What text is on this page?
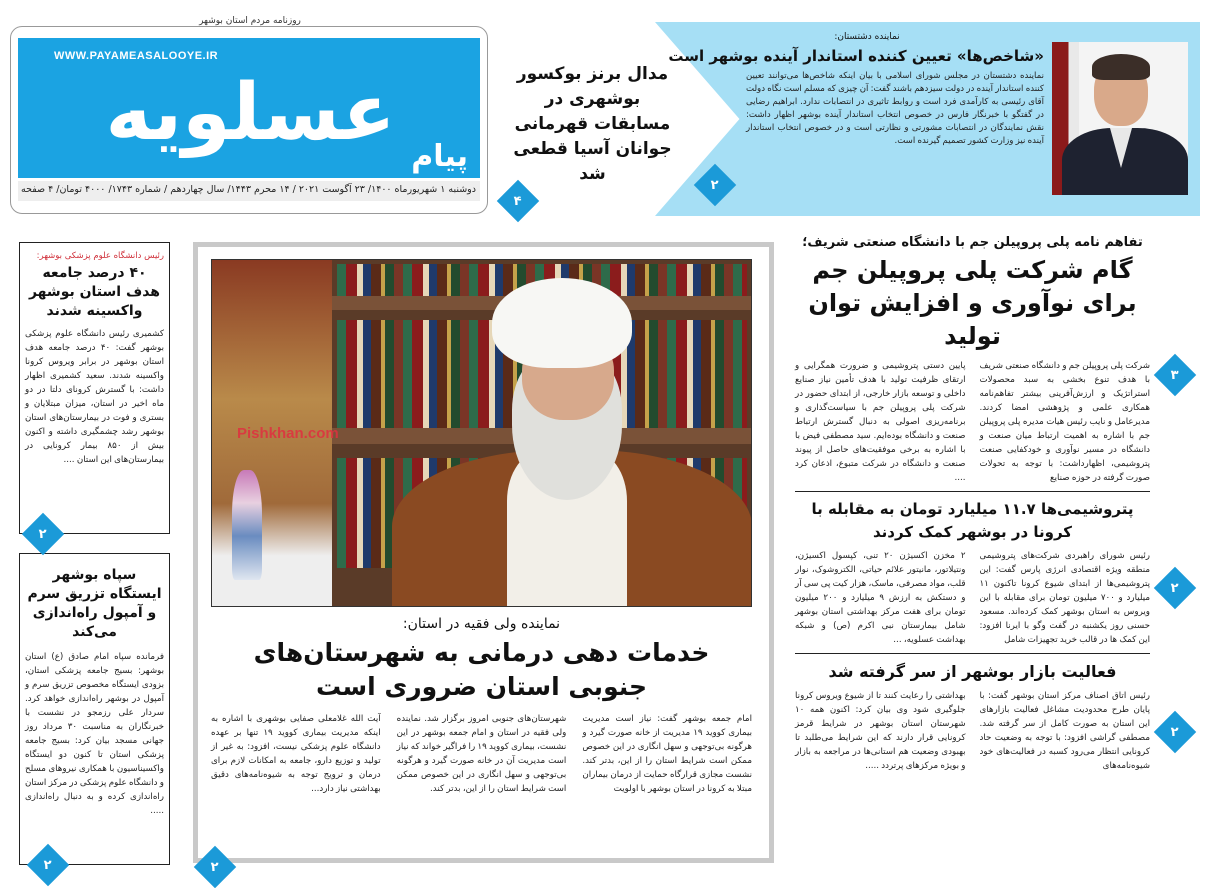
روزنامه مردم استان بوشهر
WWW.PAYAMEASALOOYE.IR
عسلویه پیام
دوشنبه ۱ شهریورماه ۱۴۰۰/ ۲۳ آگوست ۲۰۲۱ / ۱۴ محرم ۱۴۴۳/ سال چهاردهم / شماره ۱۷۴۳/ ۴۰۰۰ تومان/ ۴ صفحه
مدال برنز بوکسور بوشهری در مسابقات قهرمانی جوانان آسیا قطعی شد
۴
نماینده دشتستان:
«شاخص‌ها» تعیین کننده استاندار آینده بوشهر است
نماینده دشتستان در مجلس شورای اسلامی با بیان اینکه شاخص‌ها می‌توانند تعیین کننده استاندار آینده در دولت سیزدهم باشند گفت: آن چیزی که مسلم است نگاه دولت آقای رئیسی به کارآمدی فرد است و روابط تاثیری در انتصابات ندارد. ابراهیم رضایی در گفتگو با خبرنگار فارس در خصوص انتخاب استاندار آینده بوشهر اظهار داشت: نقش نمایندگان در انتصابات مشورتی و نظارتی است و در خصوص انتخاب استاندار آینده نیز وزارت کشور تصمیم گیرنده است.
۲
رئیس دانشگاه علوم پزشکی بوشهر:
۴۰ درصد جامعه هدف استان بوشهر واکسینه شدند
کشمیری رئیس دانشگاه علوم پزشکی بوشهر گفت: ۴۰ درصد جامعه هدف استان بوشهر در برابر ویروس کرونا واکسینه شدند. سعید کشمیری اظهار داشت: با گسترش کرونای دلتا در دو ماه اخیر در استان، میزان مبتلایان و بستری و فوت در بیمارستان‌های استان بوشهر رشد چشمگیری داشته و اکنون بیش از ۸۵۰ بیمار کرونایی در بیمارستان‌های این استان ....
۲
سپاه بوشهر ایستگاه تزریق سرم و آمپول راه‌اندازی می‌کند
فرمانده سپاه امام صادق (ع) استان بوشهر: بسیج جامعه پزشکی استان، بزودی ایستگاه مخصوص تزریق سرم و آمپول در بوشهر راه‌اندازی خواهد کرد. سردار علی رزمجو در نشست با خبرنگاران به مناسبت ۳۰ مرداد روز جهانی مسجد بیان کرد: بسیج جامعه پزشکی استان تا کنون دو ایستگاه واکسیناسیون با همکاری نیروهای مسلح و دانشگاه علوم پزشکی در مرکز استان راه‌اندازی کرده و به دنبال راه‌اندازی .....
۲
Pishkhan.com
نماینده ولی فقیه در استان:
خدمات دهی درمانی به شهرستان‌های جنوبی استان ضروری است
امام جمعه بوشهر گفت: نیاز است مدیریت بیماری کووید ۱۹ مدیریت از خانه صورت گیرد و هرگونه بی‌توجهی و سهل انگاری در این خصوص ممکن است شرایط استان را از این، بدتر کند. نشست مجازی قرارگاه حمایت از درمان بیماران مبتلا به کرونا در استان بوشهر با اولویت
شهرستان‌های جنوبی امروز برگزار شد. نماینده ولی فقیه در استان و امام جمعه بوشهر در این نشست، بیماری کووید ۱۹ را فراگیر خواند که نیاز است مدیریت آن در خانه صورت گیرد و هرگونه بی‌توجهی و سهل انگاری در این خصوص ممکن است شرایط استان را از این، بدتر کند.
آیت الله غلامعلی صفایی بوشهری با اشاره به اینکه مدیریت بیماری کووید ۱۹ تنها بر عهده دانشگاه علوم پزشکی نیست، افزود: به غیر از تولید و توزیع دارو، جامعه به امکانات لازم برای درمان و ترویج توجه به شیوه‌نامه‌های دقیق بهداشتی نیاز دارد...
۲
تفاهم نامه پلی پروپیلن جم با دانشگاه صنعتی شریف؛
گام شرکت پلی پروپیلن جم برای نوآوری و افزایش توان تولید
شرکت پلی پروپیلن جم و دانشگاه صنعتی شریف با هدف تنوع بخشی به سبد محصولات استراتژیک و ارزش‌آفرینی بیشتر تفاهم‌نامه همکاری علمی و پژوهشی امضا کردند. مدیرعامل و نایب رئیس هیات مدیره پلی پروپیلن جم با اشاره به اهمیت ارتباط میان صنعت و دانشگاه در مسیر نوآوری و خودکفایی صنعت پتروشیمی، اظهارداشت: با توجه به تحولات صورت گرفته در حوزه صنایع
پایین دستی پتروشیمی و ضرورت همگرایی و ارتقای ظرفیت تولید با هدف تأمین نیاز صنایع داخلی و توسعه بازار خارجی، از ابتدای حضور در شرکت پلی پروپیلن جم با سیاست‌گذاری و برنامه‌ریزی اصولی به دنبال گسترش ارتباط صنعت و دانشگاه بوده‌ایم. سید مصطفی فیض با با اشاره به برخی موفقیت‌های حاصل از پیوند صنعت و دانشگاه در شرکت متبوع، اذعان کرد ....
۳
پتروشیمی‌ها ۱۱.۷ میلیارد تومان به مقابله با کرونا در بوشهر کمک کردند
رئیس شورای راهبردی شرکت‌های پتروشیمی منطقه ویژه اقتصادی انرژی پارس گفت: این پتروشیمی‌ها از ابتدای شیوع کرونا تاکنون ۱۱ میلیارد و ۷۰۰ میلیون تومان برای مقابله با این ویروس به استان بوشهر کمک کرده‌اند. مسعود حسنی روز یکشنبه در گفت وگو با ایرنا افزود: این کمک ها در قالب خرید تجهیزات شامل
۲ مخزن اکسیژن ۲۰ تنی، کپسول اکسیژن، ونتیلاتور، مانیتور علائم حیاتی، الکتروشوک، نوار قلب، مواد مصرفی، ماسک، هزار کیت پی سی آر و دستکش به ارزش ۹ میلیارد و ۲۰۰ میلیون تومان برای هفت مرکز بهداشتی استان بوشهر شامل بیمارستان نبی اکرم (ص) و شبکه بهداشت عسلویه، ...
۲
فعالیت بازار بوشهر از سر گرفته شد
رئیس اتاق اصناف مرکز استان بوشهر گفت: با پایان طرح محدودیت مشاغل فعالیت بازارهای این استان به صورت کامل از سر گرفته شد. مصطفی گراشی افزود: با توجه به وضعیت حاد کرونایی انتظار می‌رود کسبه در فعالیت‌های خود شیوه‌نامه‌های
بهداشتی را رعایت کنند تا از شیوع ویروس کرونا جلوگیری شود وی بیان کرد: اکنون همه ۱۰ شهرستان استان بوشهر در شرایط قرمز کرونایی قرار دارند که این شرایط می‌طلبد تا بهبودی وضعیت هم استانی‌ها در مراجعه به بازار و بویژه مرکزهای پرتردد .....
۲
